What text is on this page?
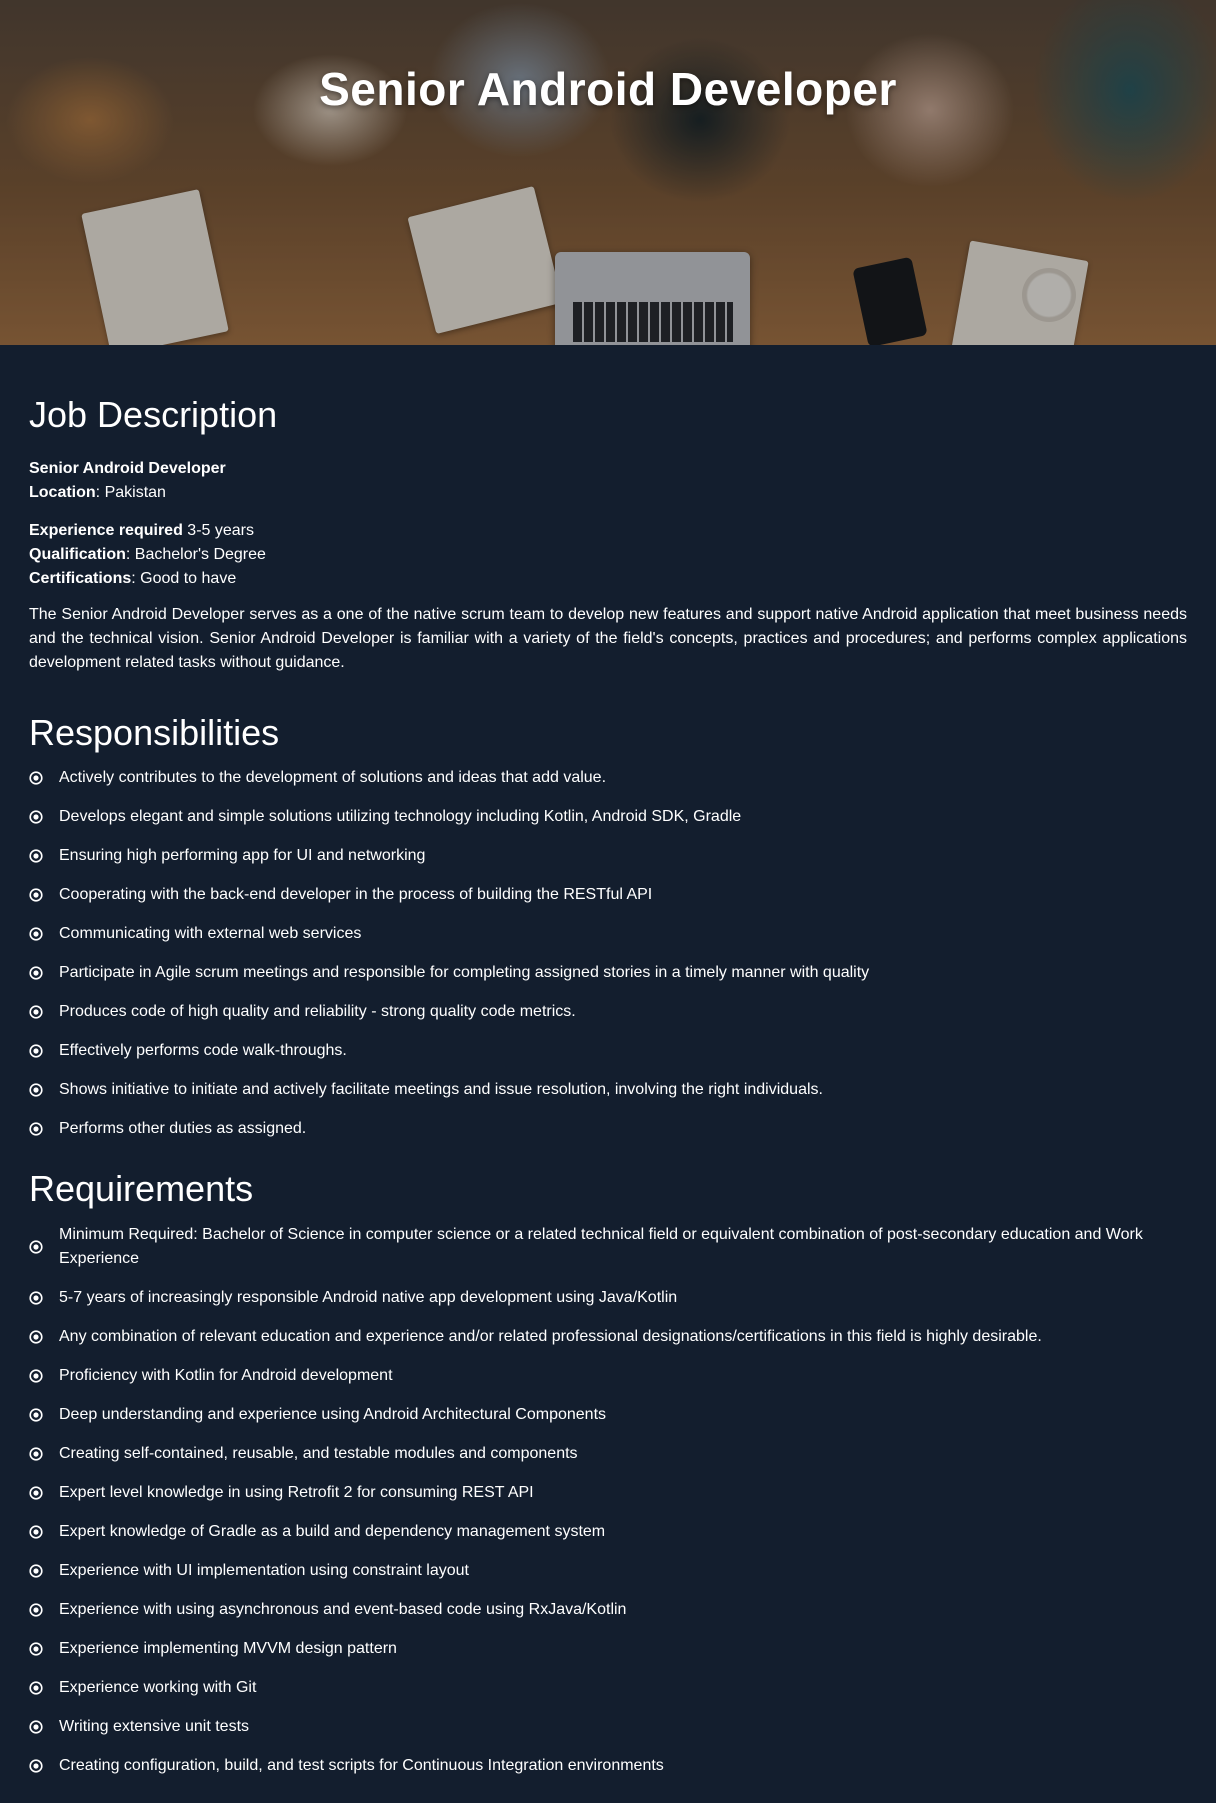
Senior Android Developer
Job Description

Senior Android Developer
Location: Pakistan

Experience required 3-5 years
Qualification: Bachelor's Degree
Certifications: Good to have

The Senior Android Developer serves as a one of the native scrum team to develop new features and support native Android application that meet business needs and the technical vision. Senior Android Developer is familiar with a variety of the field's concepts, practices and procedures; and performs complex applications development related tasks without guidance.

Responsibilities
Actively contributes to the development of solutions and ideas that add value.
Develops elegant and simple solutions utilizing technology including Kotlin, Android SDK, Gradle
Ensuring high performing app for UI and networking
Cooperating with the back-end developer in the process of building the RESTful API
Communicating with external web services
Participate in Agile scrum meetings and responsible for completing assigned stories in a timely manner with quality
Produces code of high quality and reliability - strong quality code metrics.
Effectively performs code walk-throughs.
Shows initiative to initiate and actively facilitate meetings and issue resolution, involving the right individuals.
Performs other duties as assigned.
Requirements
Minimum Required: Bachelor of Science in computer science or a related technical field or equivalent combination of post-secondary education and Work Experience
5-7 years of increasingly responsible Android native app development using Java/Kotlin
Any combination of relevant education and experience and/or related professional designations/certifications in this field is highly desirable.
Proficiency with Kotlin for Android development
Deep understanding and experience using Android Architectural Components
Creating self-contained, reusable, and testable modules and components
Expert level knowledge in using Retrofit 2 for consuming REST API
Expert knowledge of Gradle as a build and dependency management system
Experience with UI implementation using constraint layout
Experience with using asynchronous and event-based code using RxJava/Kotlin
Experience implementing MVVM design pattern
Experience working with Git
Writing extensive unit tests
Creating configuration, build, and test scripts for Continuous Integration environments
